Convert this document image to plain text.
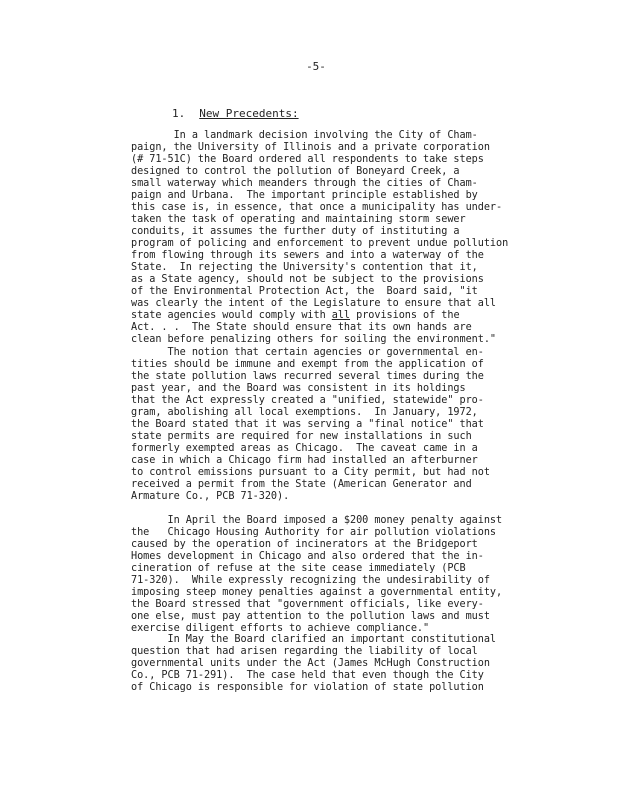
-5-
1. New Precedents:
In a landmark decision involving the City of Cham-
paign, the University of Illinois and a private corporation
(# 71-51C) the Board ordered all respondents to take steps
designed to control the pollution of Boneyard Creek, a
small waterway which meanders through the cities of Cham-
paign and Urbana.  The important principle established by
this case is, in essence, that once a municipality has under-
taken the task of operating and maintaining storm sewer
conduits, it assumes the further duty of instituting a
program of policing and enforcement to prevent undue pollution
from flowing through its sewers and into a waterway of the
State.  In rejecting the University's contention that it,
as a State agency, should not be subject to the provisions
of the Environmental Protection Act, the  Board said, "it
was clearly the intent of the Legislature to ensure that all
state agencies would comply with all provisions of the
Act. . .  The State should ensure that its own hands are
clean before penalizing others for soiling the environment."
The notion that certain agencies or governmental en-
tities should be immune and exempt from the application of
the state pollution laws recurred several times during the
past year, and the Board was consistent in its holdings
that the Act expressly created a "unified, statewide" pro-
gram, abolishing all local exemptions.  In January, 1972,
the Board stated that it was serving a "final notice" that
state permits are required for new installations in such
formerly exempted areas as Chicago.  The caveat came in a
case in which a Chicago firm had installed an afterburner
to control emissions pursuant to a City permit, but had not
received a permit from the State (American Generator and
Armature Co., PCB 71-320).
In April the Board imposed a $200 money penalty against
the   Chicago Housing Authority for air pollution violations
caused by the operation of incinerators at the Bridgeport
Homes development in Chicago and also ordered that the in-
cineration of refuse at the site cease immediately (PCB
71-320).  While expressly recognizing the undesirability of
imposing steep money penalties against a governmental entity,
the Board stressed that "government officials, like every-
one else, must pay attention to the pollution laws and must
exercise diligent efforts to achieve compliance."
In May the Board clarified an important constitutional
question that had arisen regarding the liability of local
governmental units under the Act (James McHugh Construction
Co., PCB 71-291).  The case held that even though the City
of Chicago is responsible for violation of state pollution
